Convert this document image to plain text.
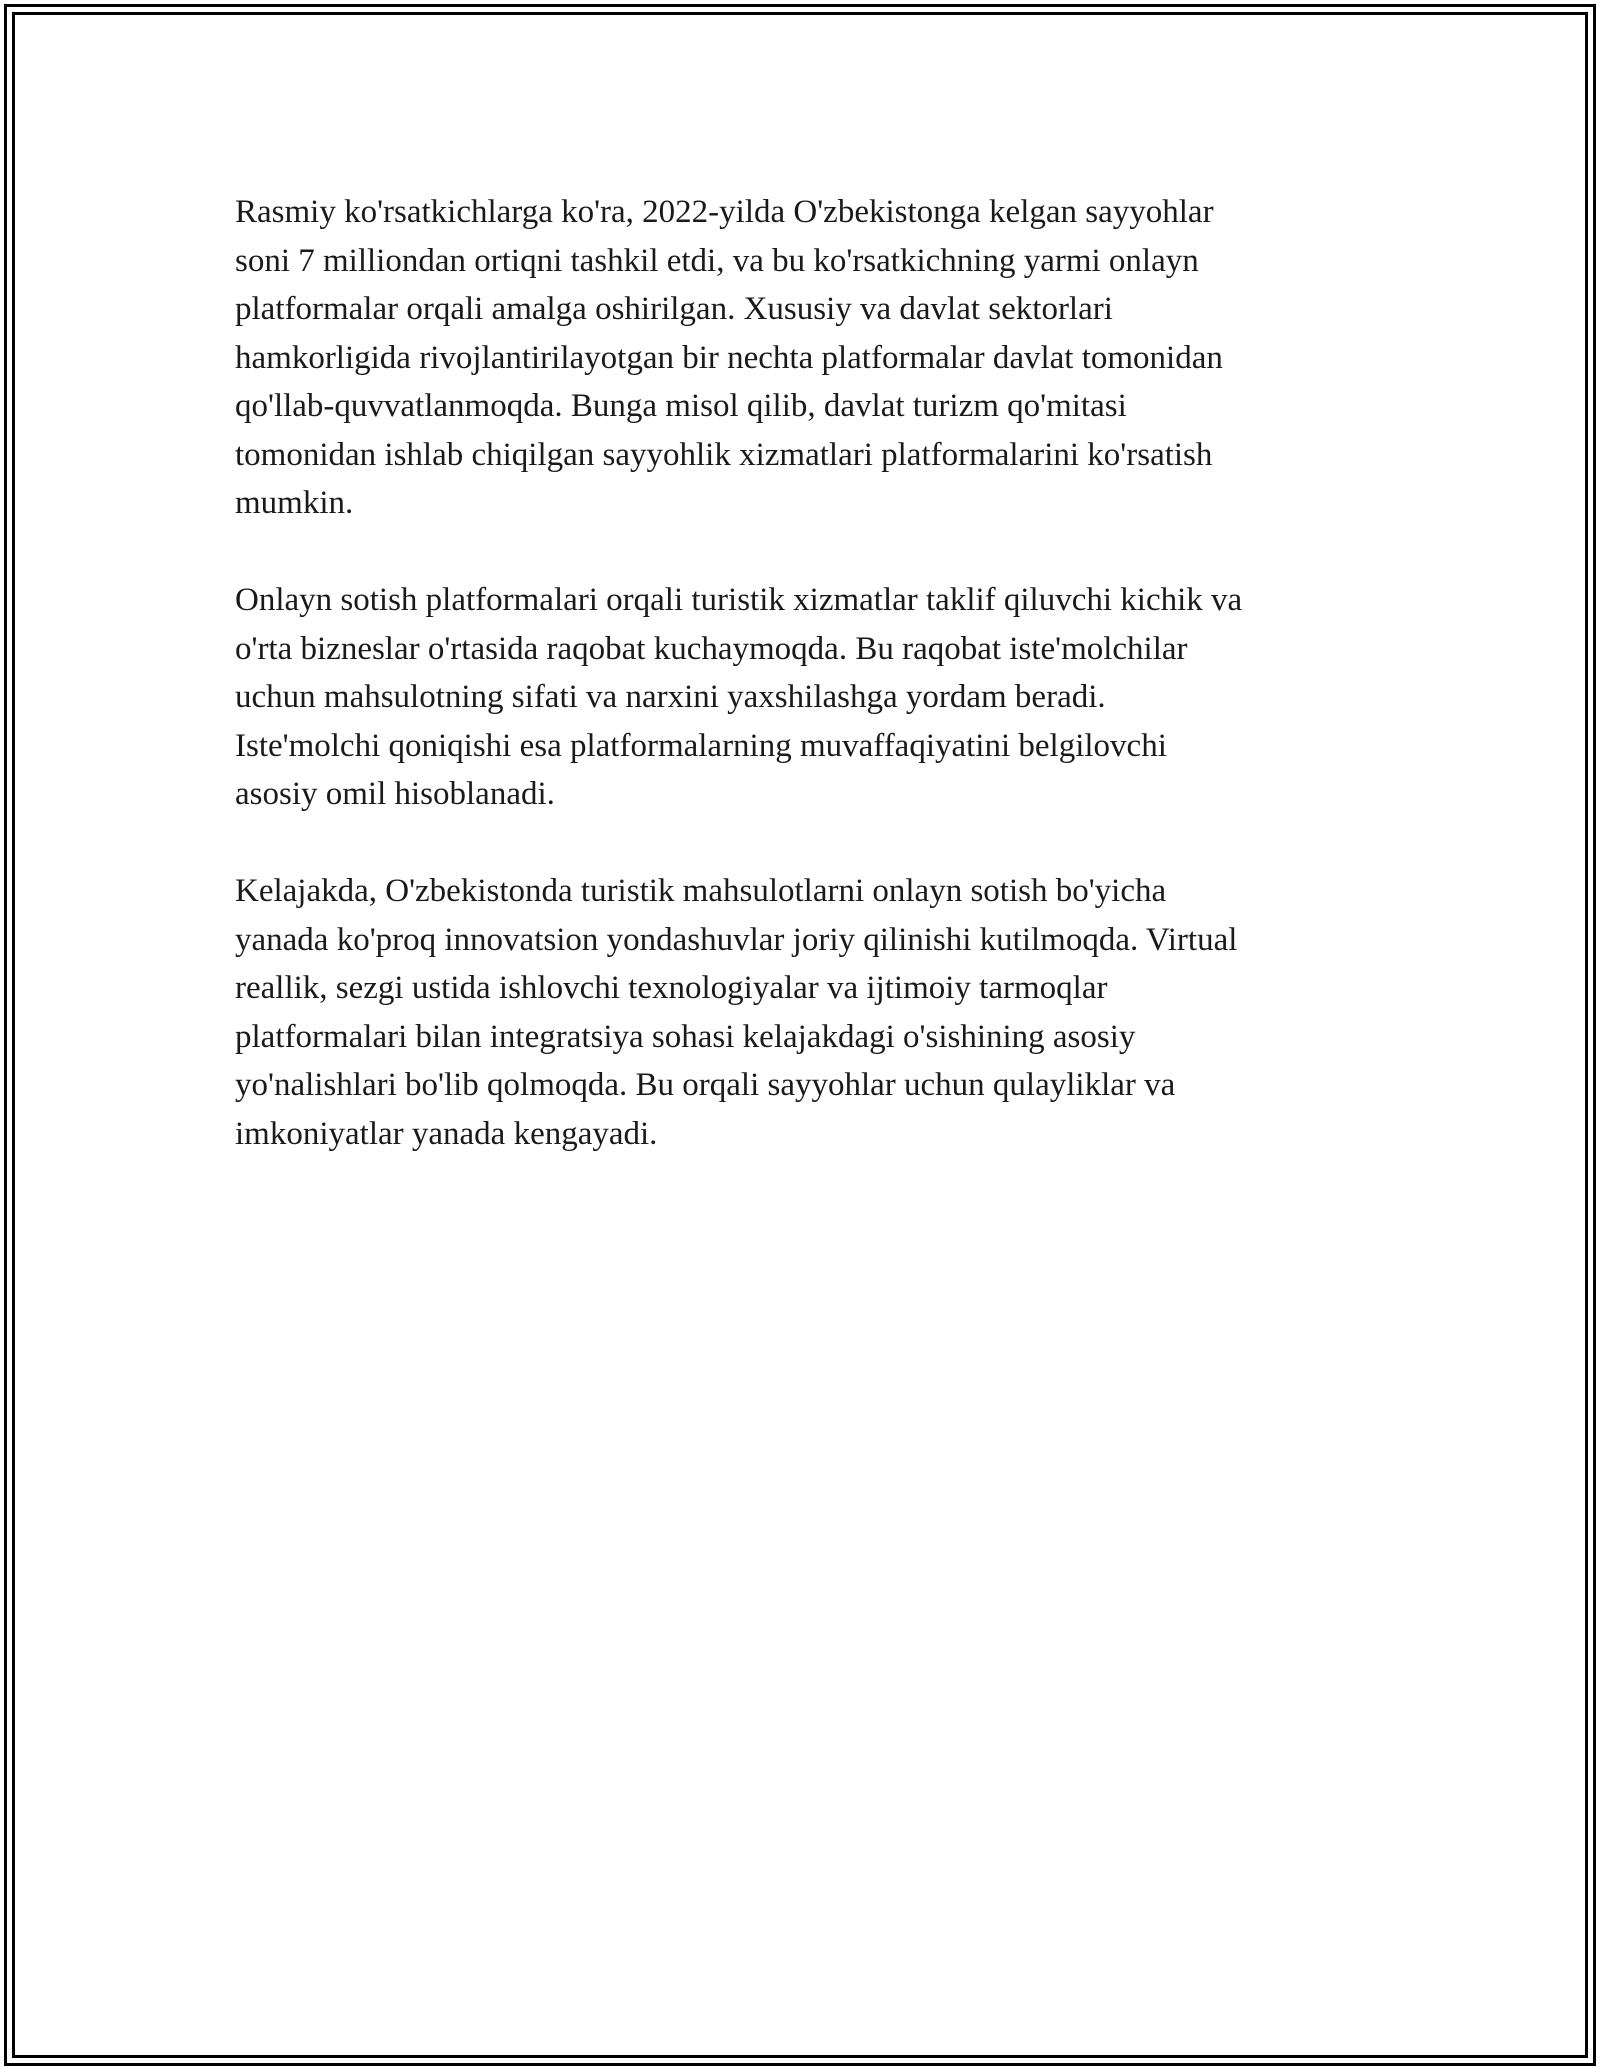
Rasmiy ko'rsatkichlarga ko'ra, 2022-yilda O'zbekistonga kelgan sayyohlar
soni 7 milliondan ortiqni tashkil etdi, va bu ko'rsatkichning yarmi onlayn
platformalar orqali amalga oshirilgan. Xususiy va davlat sektorlari
hamkorligida rivojlantirilayotgan bir nechta platformalar davlat tomonidan
qo'llab-quvvatlanmoqda. Bunga misol qilib, davlat turizm qo'mitasi
tomonidan ishlab chiqilgan sayyohlik xizmatlari platformalarini ko'rsatish
mumkin.

Onlayn sotish platformalari orqali turistik xizmatlar taklif qiluvchi kichik va
o'rta bizneslar o'rtasida raqobat kuchaymoqda. Bu raqobat iste'molchilar
uchun mahsulotning sifati va narxini yaxshilashga yordam beradi.
Iste'molchi qoniqishi esa platformalarning muvaffaqiyatini belgilovchi
asosiy omil hisoblanadi.

Kelajakda, O'zbekistonda turistik mahsulotlarni onlayn sotish bo'yicha
yanada ko'proq innovatsion yondashuvlar joriy qilinishi kutilmoqda. Virtual
reallik, sezgi ustida ishlovchi texnologiyalar va ijtimoiy tarmoqlar
platformalari bilan integratsiya sohasi kelajakdagi o'sishining asosiy
yo'nalishlari bo'lib qolmoqda. Bu orqali sayyohlar uchun qulayliklar va
imkoniyatlar yanada kengayadi.
